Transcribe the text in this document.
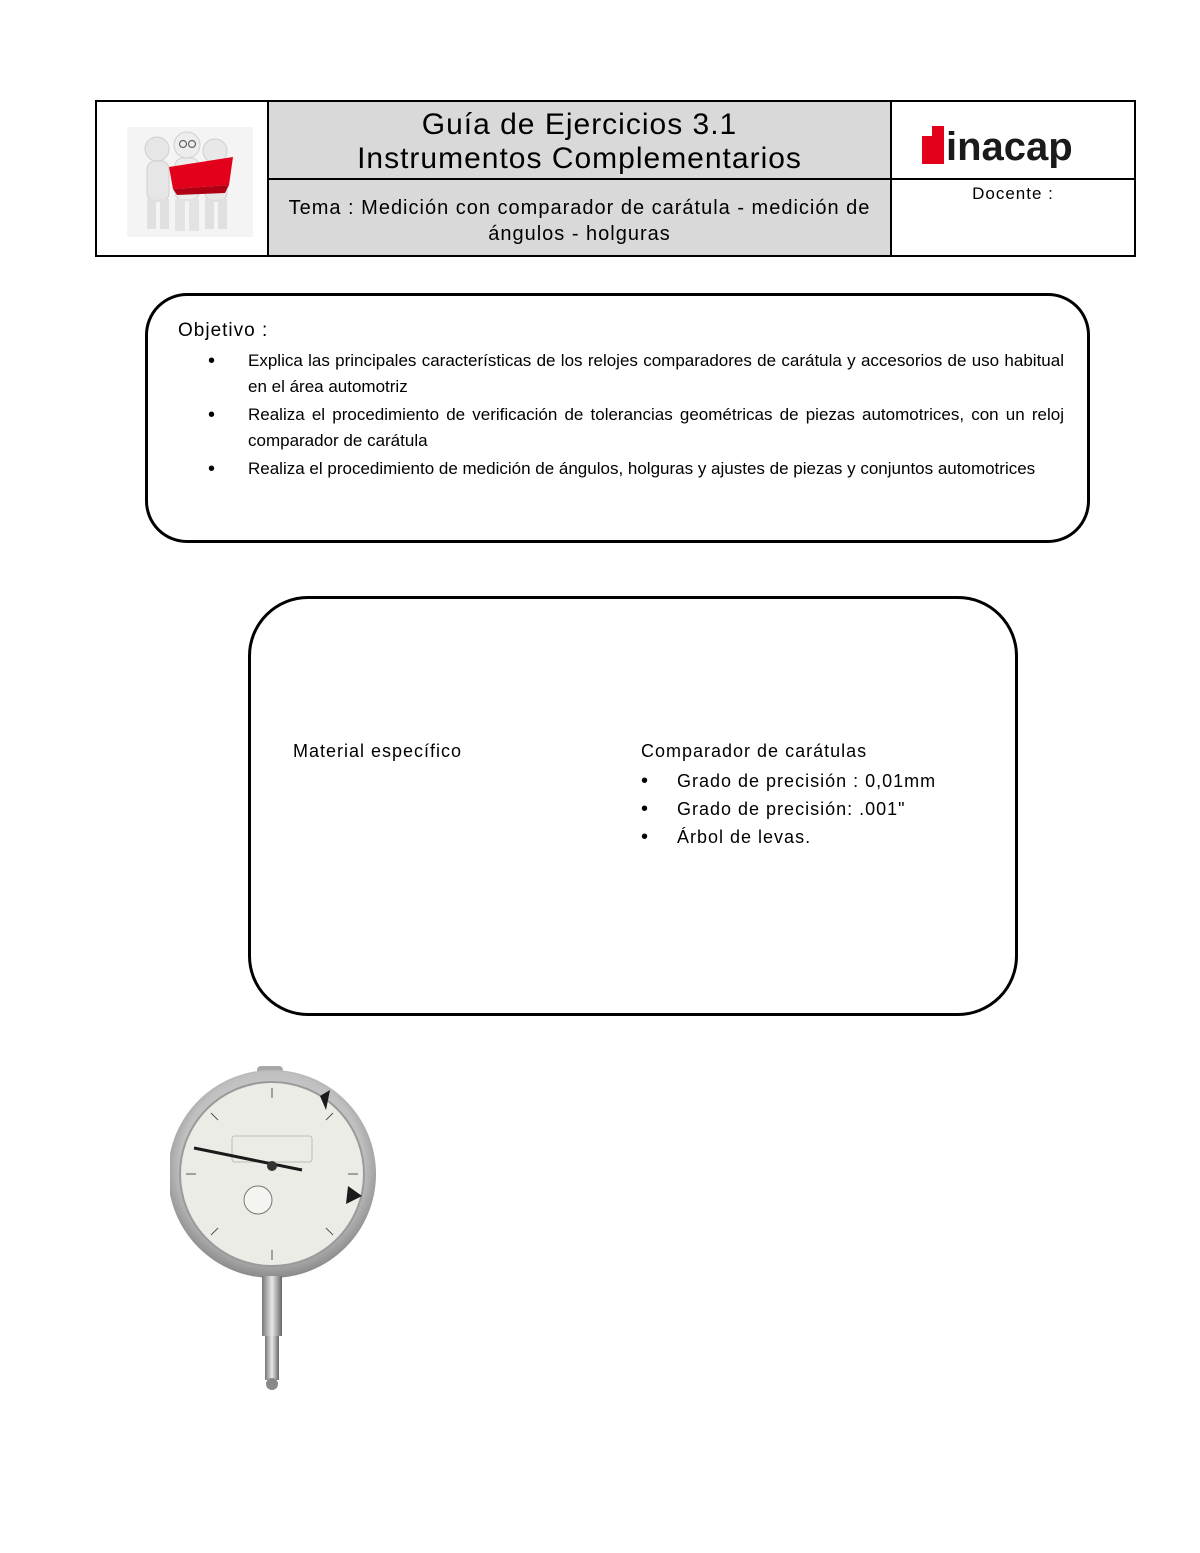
Guía de Ejercicios 3.1
Instrumentos Complementarios
Tema : Medición con comparador de carátula - medición de ángulos - holguras
inacap
Docente :
Objetivo :
• Explica las principales características de los relojes comparadores de carátula y accesorios de uso habitual en el área automotriz
• Realiza el procedimiento de verificación de tolerancias geométricas de piezas automotrices, con un reloj comparador de carátula
• Realiza el procedimiento de medición de ángulos, holguras y ajustes de piezas y conjuntos automotrices
Material específico	Comparador de carátulas
• Grado de precisión : 0,01mm
• Grado de precisión: .001"
• Árbol de levas.
